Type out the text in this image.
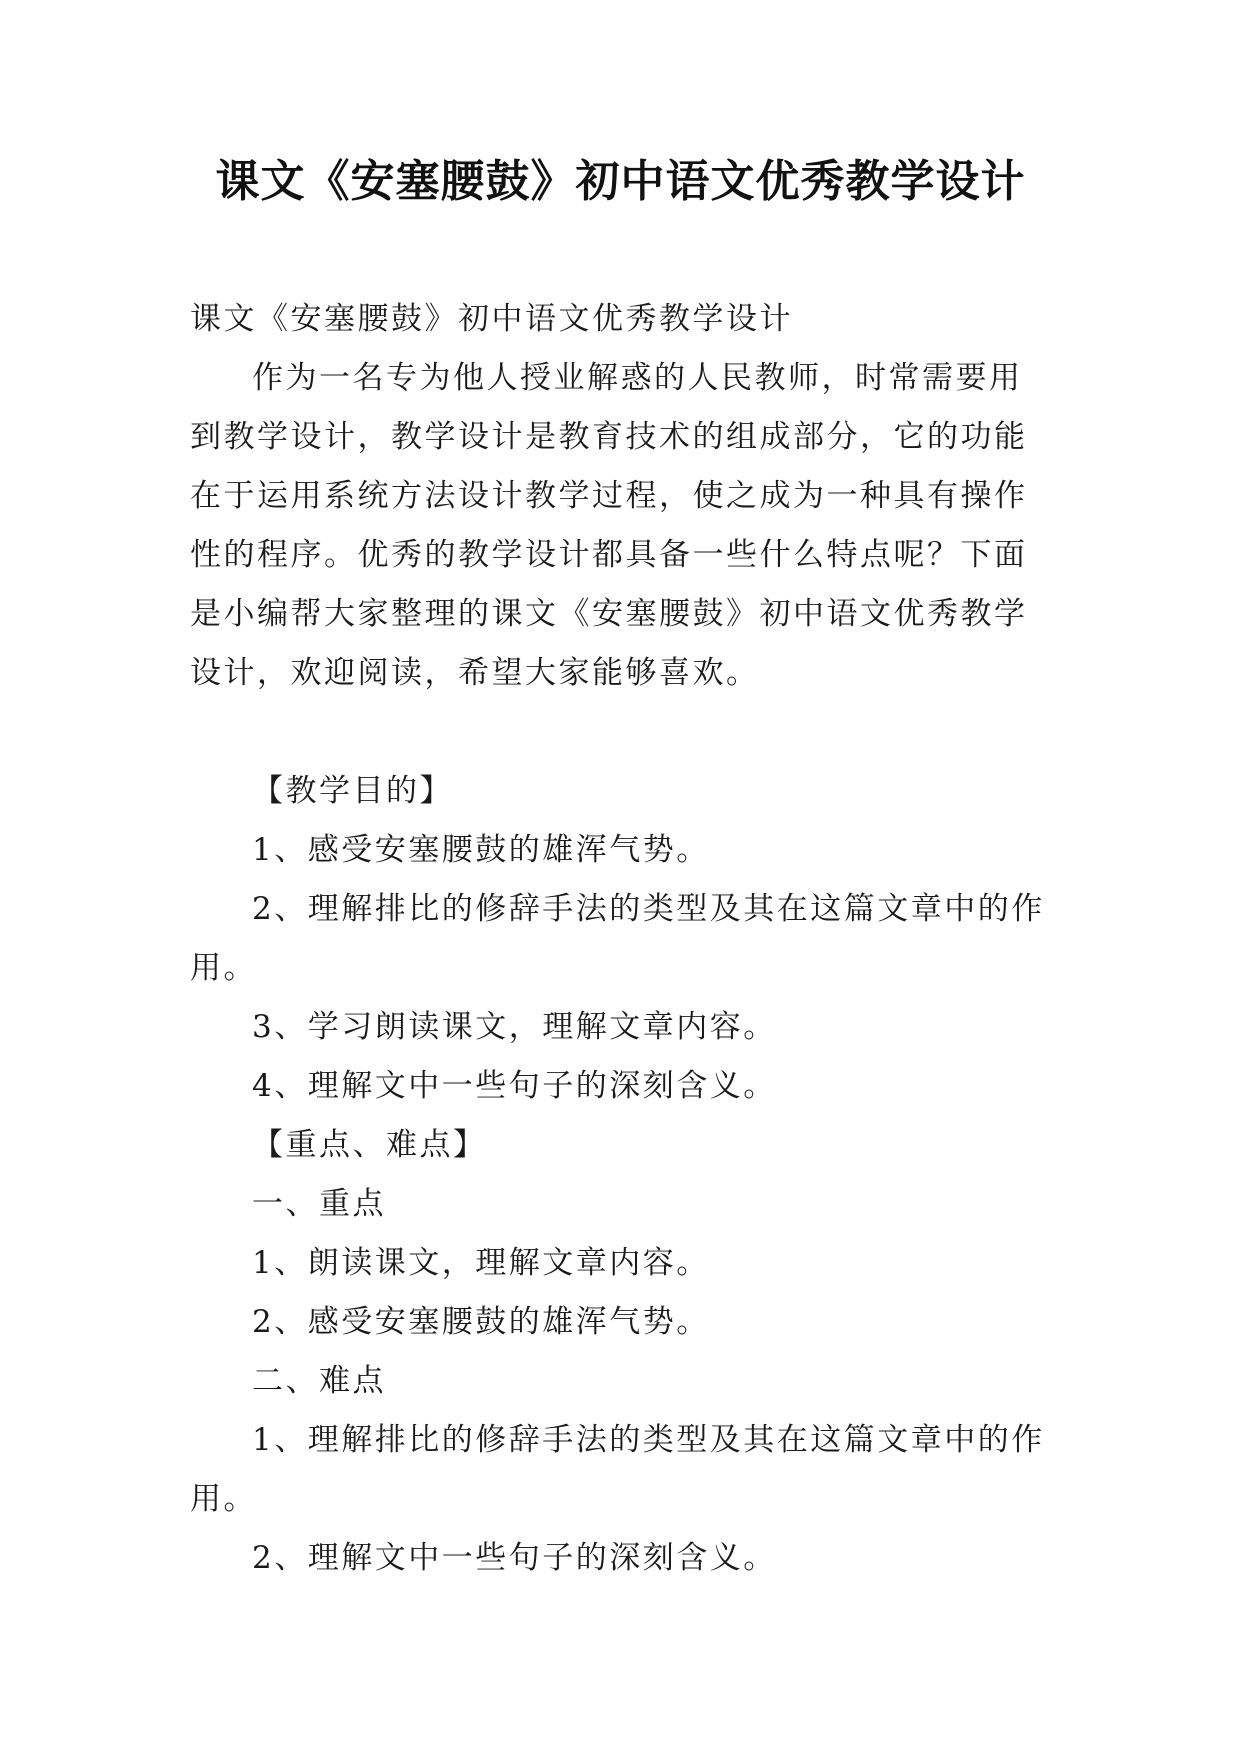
课文《安塞腰鼓》初中语文优秀教学设计

课文《安塞腰鼓》初中语文优秀教学设计

作为一名专为他人授业解惑的人民教师，时常需要用到教学设计，教学设计是教育技术的组成部分，它的功能在于运用系统方法设计教学过程，使之成为一种具有操作性的程序。优秀的教学设计都具备一些什么特点呢？下面是小编帮大家整理的课文《安塞腰鼓》初中语文优秀教学设计，欢迎阅读，希望大家能够喜欢。

【教学目的】

1、感受安塞腰鼓的雄浑气势。

2、理解排比的修辞手法的类型及其在这篇文章中的作用。

3、学习朗读课文，理解文章内容。

4、理解文中一些句子的深刻含义。

【重点、难点】

一、重点

1、朗读课文，理解文章内容。

2、感受安塞腰鼓的雄浑气势。

二、难点

1、理解排比的修辞手法的类型及其在这篇文章中的作用。

2、理解文中一些句子的深刻含义。
